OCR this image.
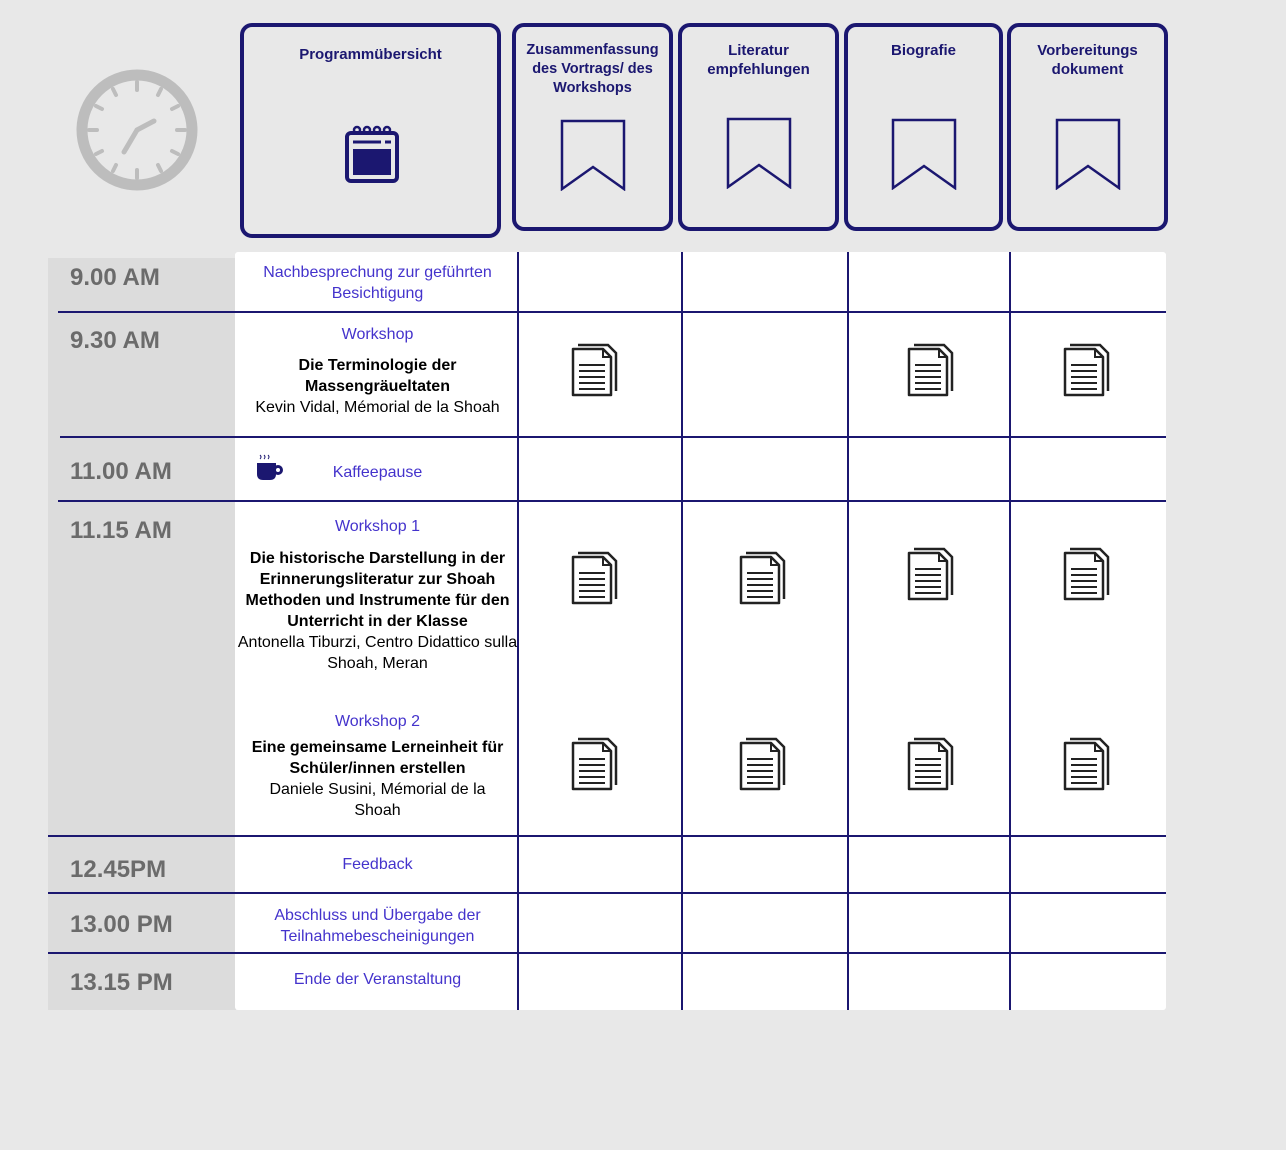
Programmübersicht	Zusammenfassung des Vortrags/ des Workshops
Literatur empfehlungen
Biografie	Vorbereitungs dokument
9.00 AM
9.30 AM
11.00 AM
11.15 AM
12.45PM
13.00 PM
13.15 PM
Nachbesprechung zur geführten Besichtigung
Workshop
Die Terminologie der Massengräueltaten
Kevin Vidal, Mémorial de la Shoah
Kaffeepause
Workshop 1
Die historische Darstellung in der Erinnerungsliteratur zur Shoah Methoden und Instrumente für den Unterricht in der Klasse
Antonella Tiburzi, Centro Didattico sulla Shoah, Meran
Workshop 2
Eine gemeinsame Lerneinheit für Schüler/innen erstellen
Daniele Susini, Mémorial de la Shoah
Feedback
Abschluss und Übergabe der Teilnahmebescheinigungen
Ende der Veranstaltung
